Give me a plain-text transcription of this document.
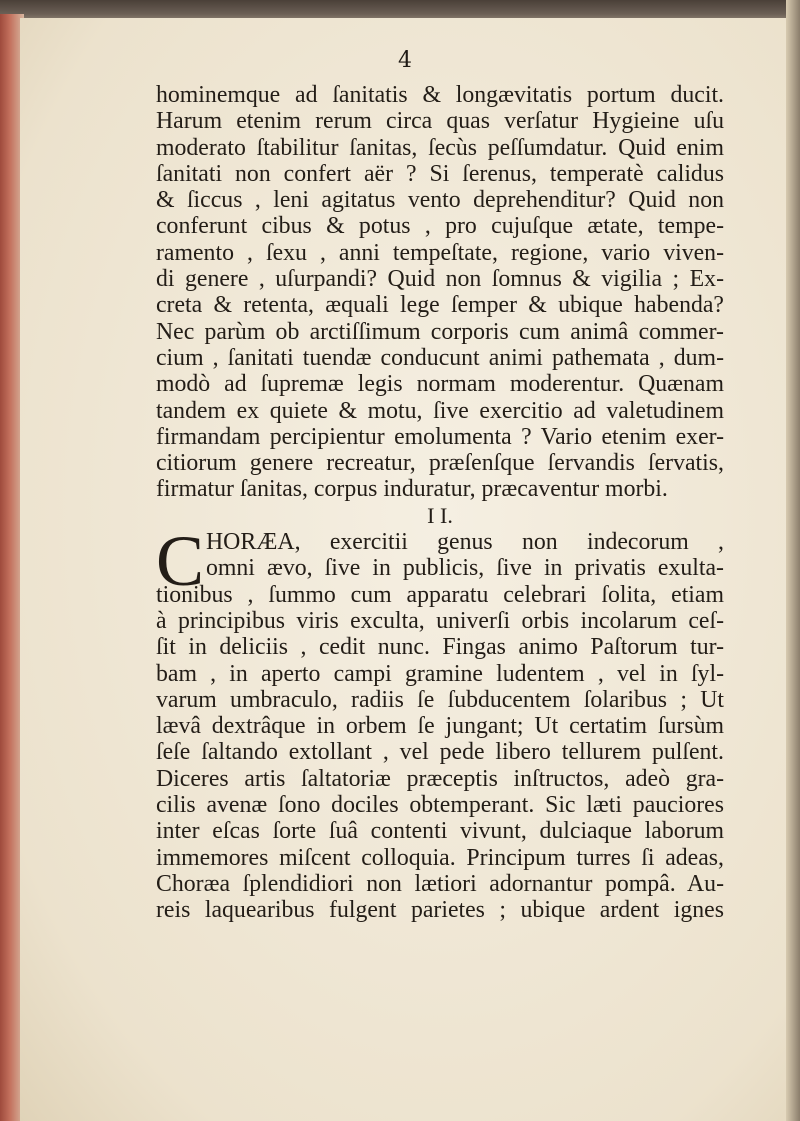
4
hominemque ad ſanitatis & longævitatis portum ducit.
Harum etenim rerum circa quas verſatur Hygieine uſu
moderato ſtabilitur ſanitas, ſecùs peſſumdatur. Quid enim
ſanitati non confert aër ? Si ſerenus, temperatè calidus
& ſiccus , leni agitatus vento deprehenditur? Quid non
conferunt cibus & potus , pro cujuſque ætate, tempe-
ramento , ſexu , anni tempeſtate, regione, vario viven-
di genere , uſurpandi? Quid non ſomnus & vigilia ; Ex-
creta & retenta, æquali lege ſemper & ubique habenda?
Nec parùm ob arctiſſimum corporis cum animâ commer-
cium , ſanitati tuendæ conducunt animi pathemata , dum-
modò ad ſupremæ legis normam moderentur. Quænam
tandem ex quiete & motu, ſive exercitio ad valetudinem
firmandam percipientur emolumenta ? Vario etenim exer-
citiorum genere recreatur, præſenſque ſervandis ſervatis,
firmatur ſanitas, corpus induratur, præcaventur morbi.
I I.
C HORÆA, exercitii genus non indecorum ,
omni ævo, ſive in publicis, ſive in privatis exulta-
tionibus , ſummo cum apparatu celebrari ſolita, etiam
à principibus viris exculta, univerſi orbis incolarum ceſ-
ſit in deliciis , cedit nunc. Fingas animo Paſtorum tur-
bam , in aperto campi gramine ludentem , vel in ſyl-
varum umbraculo, radiis ſe ſubducentem ſolaribus ; Ut
lævâ dextrâque in orbem ſe jungant; Ut certatim ſursùm
ſeſe ſaltando extollant , vel pede libero tellurem pulſent.
Diceres artis ſaltatoriæ præceptis inſtructos, adeò gra-
cilis avenæ ſono dociles obtemperant. Sic læti pauciores
inter eſcas ſorte ſuâ contenti vivunt, dulciaque laborum
immemores miſcent colloquia. Principum turres ſi adeas,
Choræa ſplendidiori non lætiori adornantur pompâ. Au-
reis laquearibus fulgent parietes ; ubique ardent ignes
